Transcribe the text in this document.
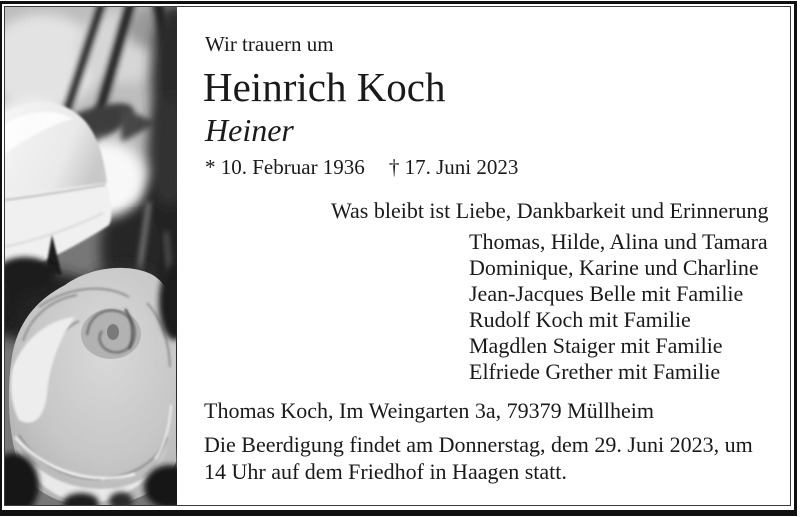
Wir trauern um
Heinrich Koch
Heiner
* 10. Februar 1936 † 17. Juni 2023
Was bleibt ist Liebe, Dankbarkeit und Erinnerung
Thomas, Hilde, Alina und Tamara
Dominique, Karine und Charline
Jean-Jacques Belle mit Familie
Rudolf Koch mit Familie
Magdlen Staiger mit Familie
Elfriede Grether mit Familie
Thomas Koch, Im Weingarten 3a, 79379 Müllheim
Die Beerdigung findet am Donnerstag, dem 29. Juni 2023, um
14 Uhr auf dem Friedhof in Haagen statt.
